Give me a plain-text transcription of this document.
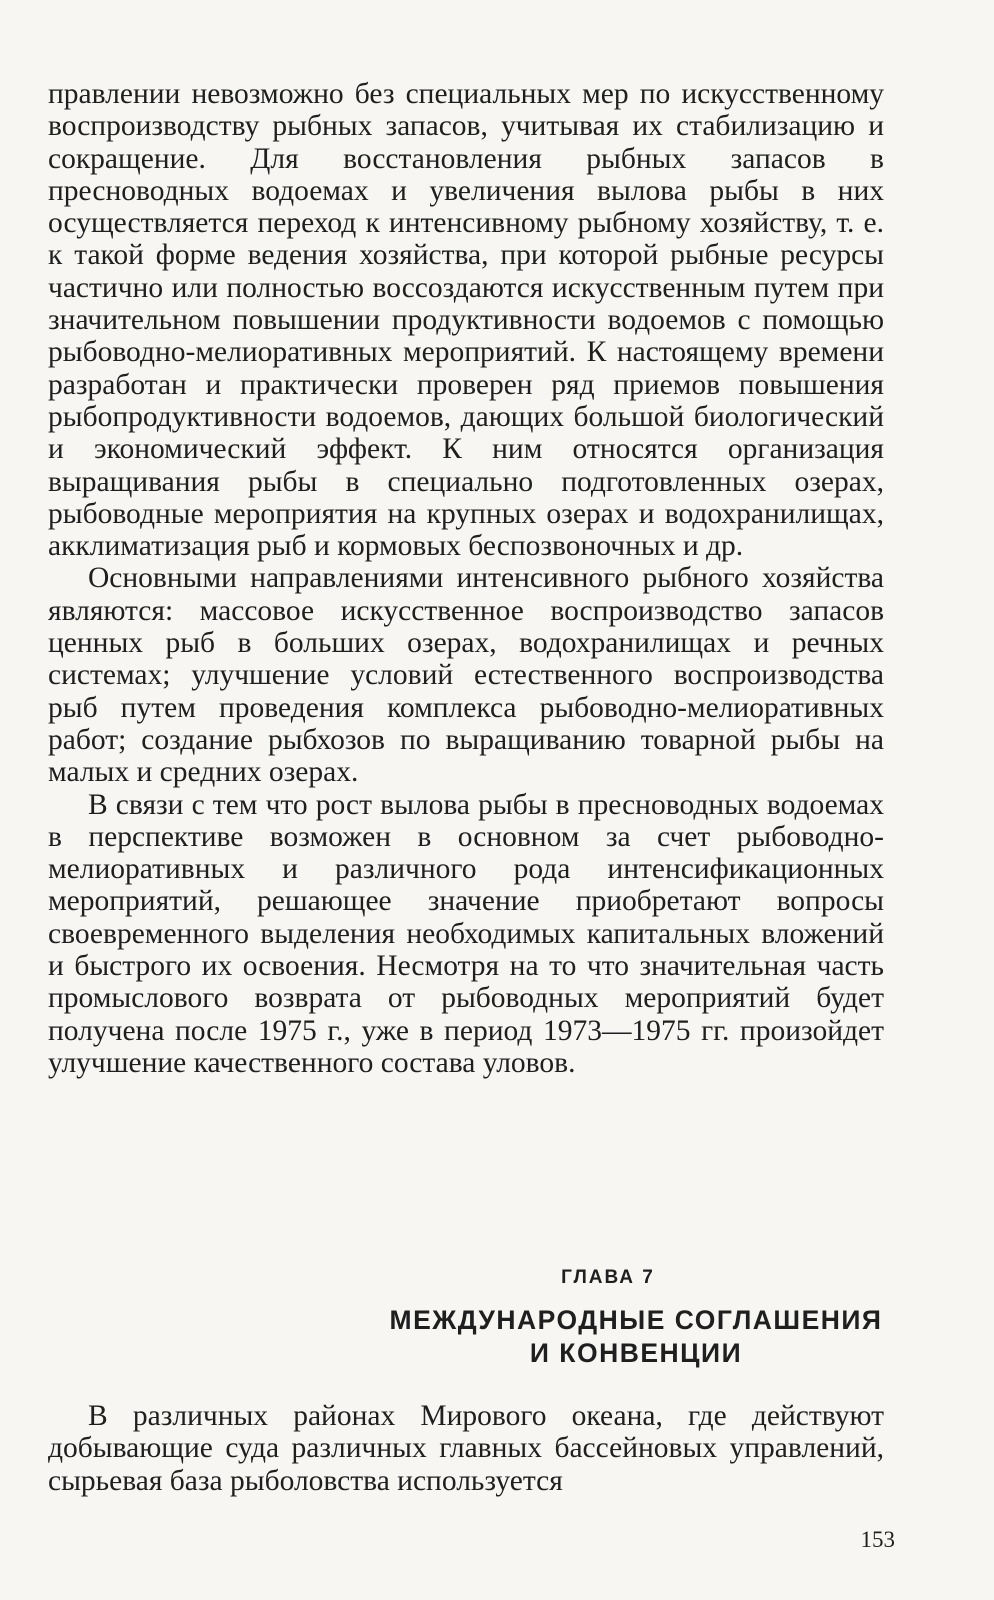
правлении невозможно без специальных мер по искусственному воспроизводству рыбных запасов, учитывая их стабилизацию и сокращение. Для восстановления рыбных запасов в пресноводных водоемах и увеличения вылова рыбы в них осуществляется переход к интенсивному рыбному хозяйству, т. е. к такой форме ведения хозяйства, при которой рыбные ресурсы частично или полностью воссоздаются искусственным путем при значительном повышении продуктивности водоемов с помощью рыбоводно-мелиоративных мероприятий. К настоящему времени разработан и практически проверен ряд приемов повышения рыбопродуктивности водоемов, дающих большой биологический и экономический эффект. К ним относятся организация выращивания рыбы в специально подготовленных озерах, рыбоводные мероприятия на крупных озерах и водохранилищах, акклиматизация рыб и кормовых беспозвоночных и др.

Основными направлениями интенсивного рыбного хозяйства являются: массовое искусственное воспроизводство запасов ценных рыб в больших озерах, водохранилищах и речных системах; улучшение условий естественного воспроизводства рыб путем проведения комплекса рыбоводно-мелиоративных работ; создание рыбхозов по выращиванию товарной рыбы на малых и средних озерах.

В связи с тем что рост вылова рыбы в пресноводных водоемах в перспективе возможен в основном за счет рыбоводно-мелиоративных и различного рода интенсификационных мероприятий, решающее значение приобретают вопросы своевременного выделения необходимых капитальных вложений и быстрого их освоения. Несмотря на то что значительная часть промыслового возврата от рыбоводных мероприятий будет получена после 1975 г., уже в период 1973—1975 гг. произойдет улучшение качественного состава уловов.

ГЛАВА 7
МЕЖДУНАРОДНЫЕ СОГЛАШЕНИЯ
И КОНВЕНЦИИ

В различных районах Мирового океана, где действуют добывающие суда различных главных бассейновых управлений, сырьевая база рыболовства используется

153
